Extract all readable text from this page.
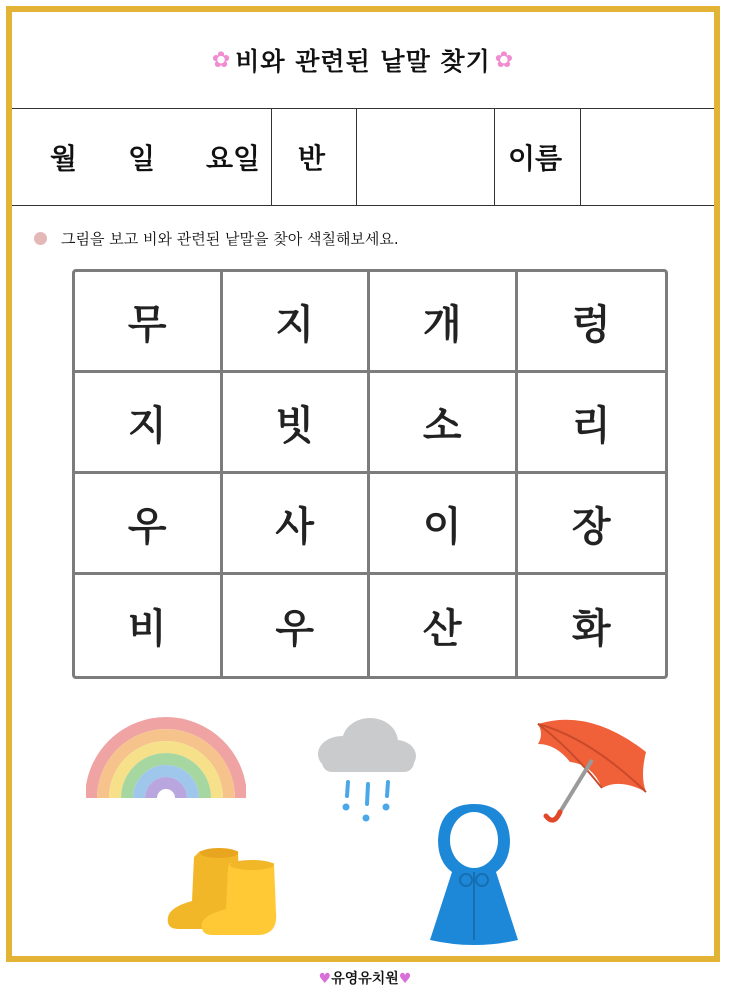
✿ 비와 관련된 낱말 찾기 ✿
월 일 요일 반	이름
그림을 보고 비와 관련된 낱말을 찾아 색칠해보세요.
무	지	개	렁
지	빗	소	리
우	사	이	장
비	우	산	화
♥유영유치원♥
